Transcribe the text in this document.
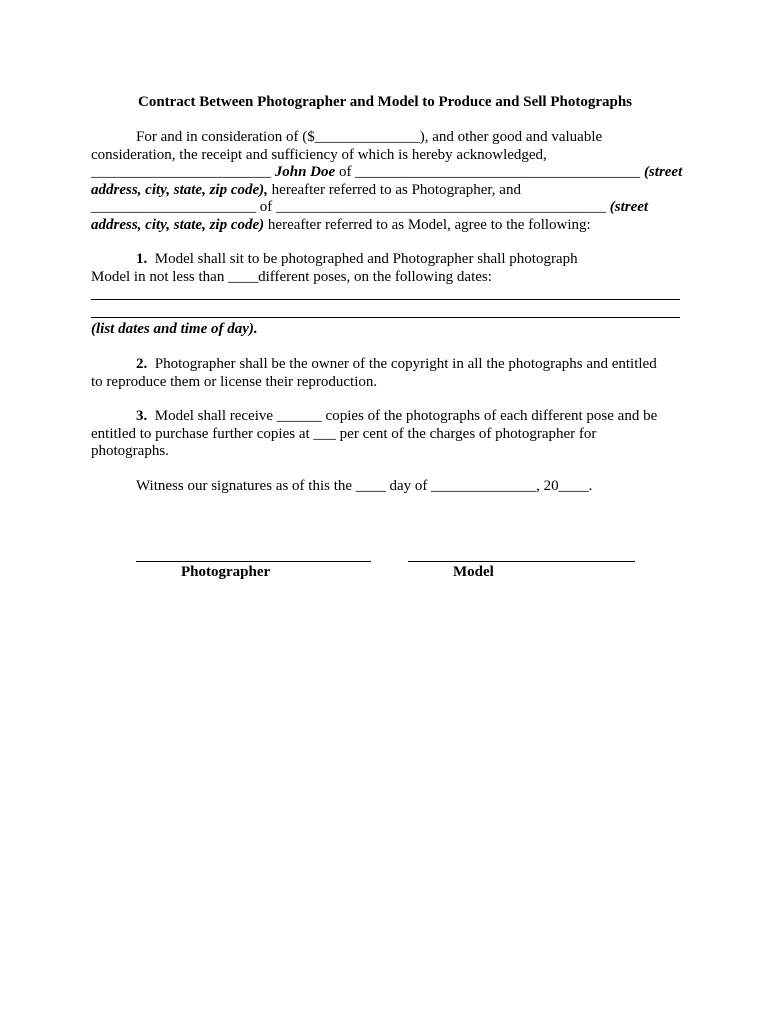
Contract Between Photographer and Model to Produce and Sell Photographs
For and in consideration of ($______________), and other good and valuable
consideration, the receipt and sufficiency of which is hereby acknowledged,
________________________ John Doe of ______________________________________ (street
address, city, state, zip code), hereafter referred to as Photographer, and
______________________ of ____________________________________________ (street
address, city, state, zip code) hereafter referred to as Model, agree to the following:
1.  Model shall sit to be photographed and Photographer shall photograph
Model in not less than ____different poses, on the following dates:
(list dates and time of day).
2.  Photographer shall be the owner of the copyright in all the photographs and entitled
to reproduce them or license their reproduction.
3.  Model shall receive ______ copies of the photographs of each different pose and be
entitled to purchase further copies at ___ per cent of the charges of photographer for
photographs.
Witness our signatures as of this the ____ day of ______________, 20____.
Photographer	Model
